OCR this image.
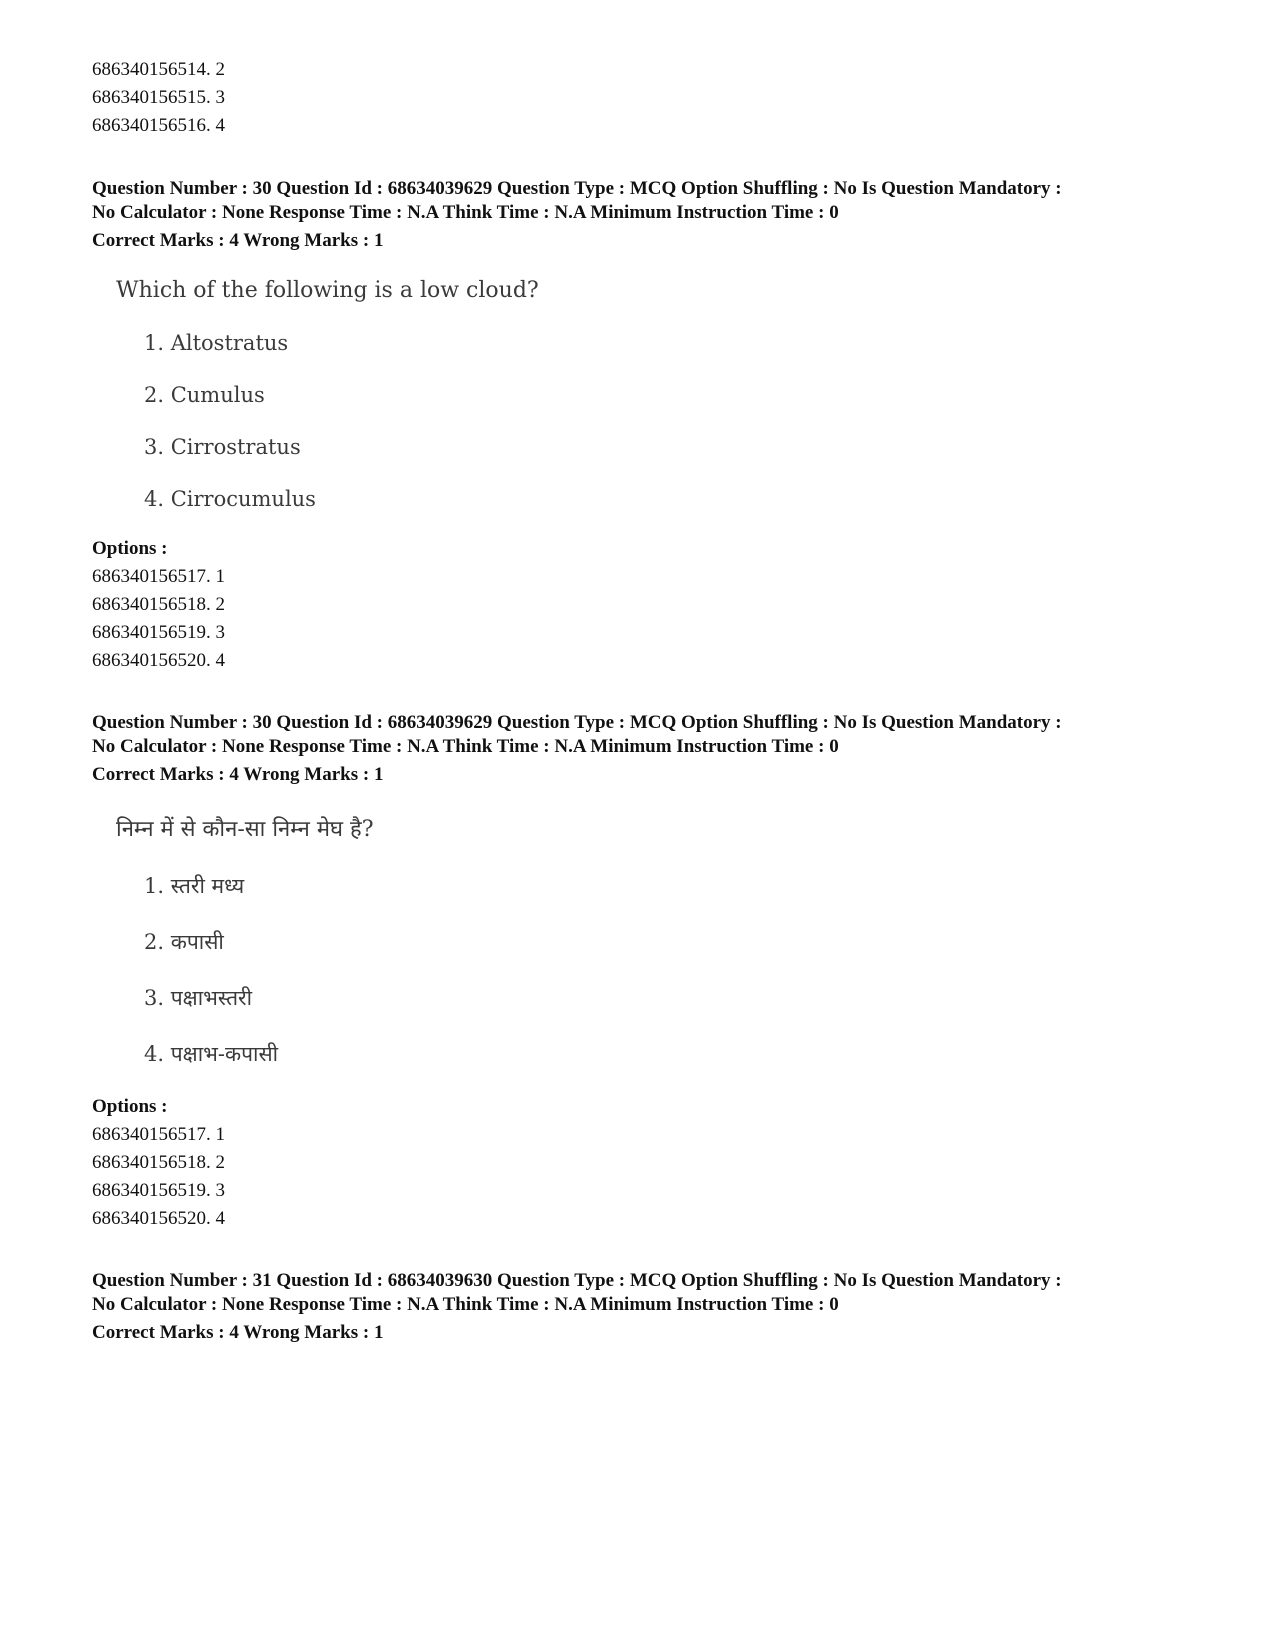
686340156514. 2
686340156515. 3
686340156516. 4
Question Number : 30 Question Id : 68634039629 Question Type : MCQ Option Shuffling : No Is Question Mandatory :
No Calculator : None Response Time : N.A Think Time : N.A Minimum Instruction Time : 0
Correct Marks : 4 Wrong Marks : 1
Which of the following is a low cloud?
1. Altostratus
2. Cumulus
3. Cirrostratus
4. Cirrocumulus
Options :
686340156517. 1
686340156518. 2
686340156519. 3
686340156520. 4
Question Number : 30 Question Id : 68634039629 Question Type : MCQ Option Shuffling : No Is Question Mandatory :
No Calculator : None Response Time : N.A Think Time : N.A Minimum Instruction Time : 0
Correct Marks : 4 Wrong Marks : 1
निम्न में से कौन-सा निम्न मेघ है?
1. स्तरी मध्य
2. कपासी
3. पक्षाभस्तरी
4. पक्षाभ-कपासी
Options :
686340156517. 1
686340156518. 2
686340156519. 3
686340156520. 4
Question Number : 31 Question Id : 68634039630 Question Type : MCQ Option Shuffling : No Is Question Mandatory :
No Calculator : None Response Time : N.A Think Time : N.A Minimum Instruction Time : 0
Correct Marks : 4 Wrong Marks : 1
